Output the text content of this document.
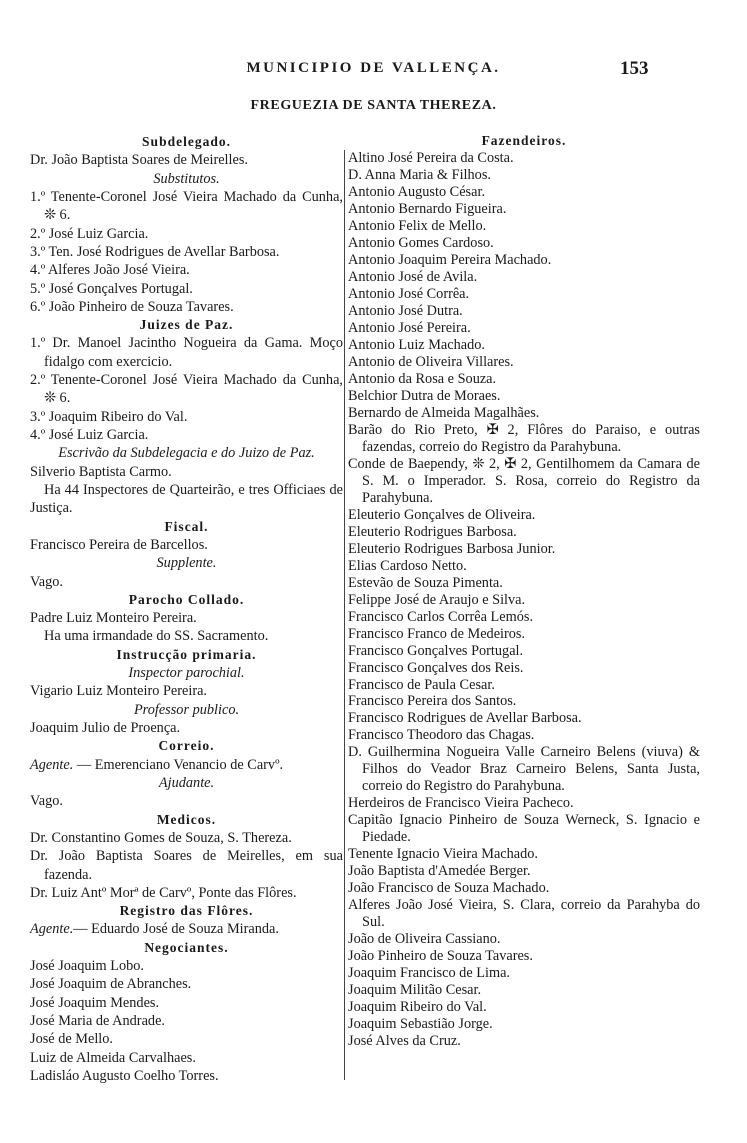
MUNICIPIO DE VALLENÇA.	153
FREGUEZIA DE SANTA THEREZA.
Subdelegado.
Dr. João Baptista Soares de Meirelles.
Substitutos.
1.º Tenente-Coronel José Vieira Machado da Cunha, ❊ 6.
2.º José Luiz Garcia.
3.º Ten. José Rodrigues de Avellar Barbosa.
4.º Alferes João José Vieira.
5.º José Gonçalves Portugal.
6.º João Pinheiro de Souza Tavares.
Juizes de Paz.
1.º Dr. Manoel Jacintho Nogueira da Gama. Moço fidalgo com exercicio.
2.º Tenente-Coronel José Vieira Machado da Cunha, ❊ 6.
3.º Joaquim Ribeiro do Val.
4.º José Luiz Garcia.
Escrivão da Subdelegacia e do Juizo de Paz.
Silverio Baptista Carmo.
Ha 44 Inspectores de Quarteirão, e tres Officiaes de Justiça.
Fiscal.
Francisco Pereira de Barcellos.
Supplente.
Vago.
Parocho Collado.
Padre Luiz Monteiro Pereira.
Ha uma irmandade do SS. Sacramento.
Instrucção primaria.
Inspector parochial.
Vigario Luiz Monteiro Pereira.
Professor publico.
Joaquim Julio de Proença.
Correio.
Agente. — Emerenciano Venancio de Carvº.
Ajudante.
Vago.
Medicos.
Dr. Constantino Gomes de Souza, S. Thereza.
Dr. João Baptista Soares de Meirelles, em sua fazenda.
Dr. Luiz Antº Morª de Carvº, Ponte das Flôres.
Registro das Flôres.
Agente.— Eduardo José de Souza Miranda.
Negociantes.
José Joaquim Lobo.
José Joaquim de Abranches.
José Joaquim Mendes.
José Maria de Andrade.
José de Mello.
Luiz de Almeida Carvalhaes.
Ladisláo Augusto Coelho Torres.
Fazendeiros.
Altino José Pereira da Costa.
D. Anna Maria & Filhos.
Antonio Augusto César.
Antonio Bernardo Figueira.
Antonio Felix de Mello.
Antonio Gomes Cardoso.
Antonio Joaquim Pereira Machado.
Antonio José de Avila.
Antonio José Corrêa.
Antonio José Dutra.
Antonio José Pereira.
Antonio Luiz Machado.
Antonio de Oliveira Villares.
Antonio da Rosa e Souza.
Belchior Dutra de Moraes.
Bernardo de Almeida Magalhães.
Barão do Rio Preto, ✠ 2, Flôres do Paraiso, e outras fazendas, correio do Registro da Parahybuna.
Conde de Baependy, ❊ 2, ✠ 2, Gentilhomem da Camara de S. M. o Imperador. S. Rosa, correio do Registro da Parahybuna.
Eleuterio Gonçalves de Oliveira.
Eleuterio Rodrigues Barbosa.
Eleuterio Rodrigues Barbosa Junior.
Elias Cardoso Netto.
Estevão de Souza Pimenta.
Felippe José de Araujo e Silva.
Francisco Carlos Corrêa Lemós.
Francisco Franco de Medeiros.
Francisco Gonçalves Portugal.
Francisco Gonçalves dos Reis.
Francisco de Paula Cesar.
Francisco Pereira dos Santos.
Francisco Rodrigues de Avellar Barbosa.
Francisco Theodoro das Chagas.
D. Guilhermina Nogueira Valle Carneiro Belens (viuva) & Filhos do Veador Braz Carneiro Belens, Santa Justa, correio do Registro do Parahybuna.
Herdeiros de Francisco Vieira Pacheco.
Capitão Ignacio Pinheiro de Souza Werneck, S. Ignacio e Piedade.
Tenente Ignacio Vieira Machado.
João Baptista d'Amedée Berger.
João Francisco de Souza Machado.
Alferes João José Vieira, S. Clara, correio da Parahyba do Sul.
João de Oliveira Cassiano.
João Pinheiro de Souza Tavares.
Joaquim Francisco de Lima.
Joaquim Militão Cesar.
Joaquim Ribeiro do Val.
Joaquim Sebastião Jorge.
José Alves da Cruz.
